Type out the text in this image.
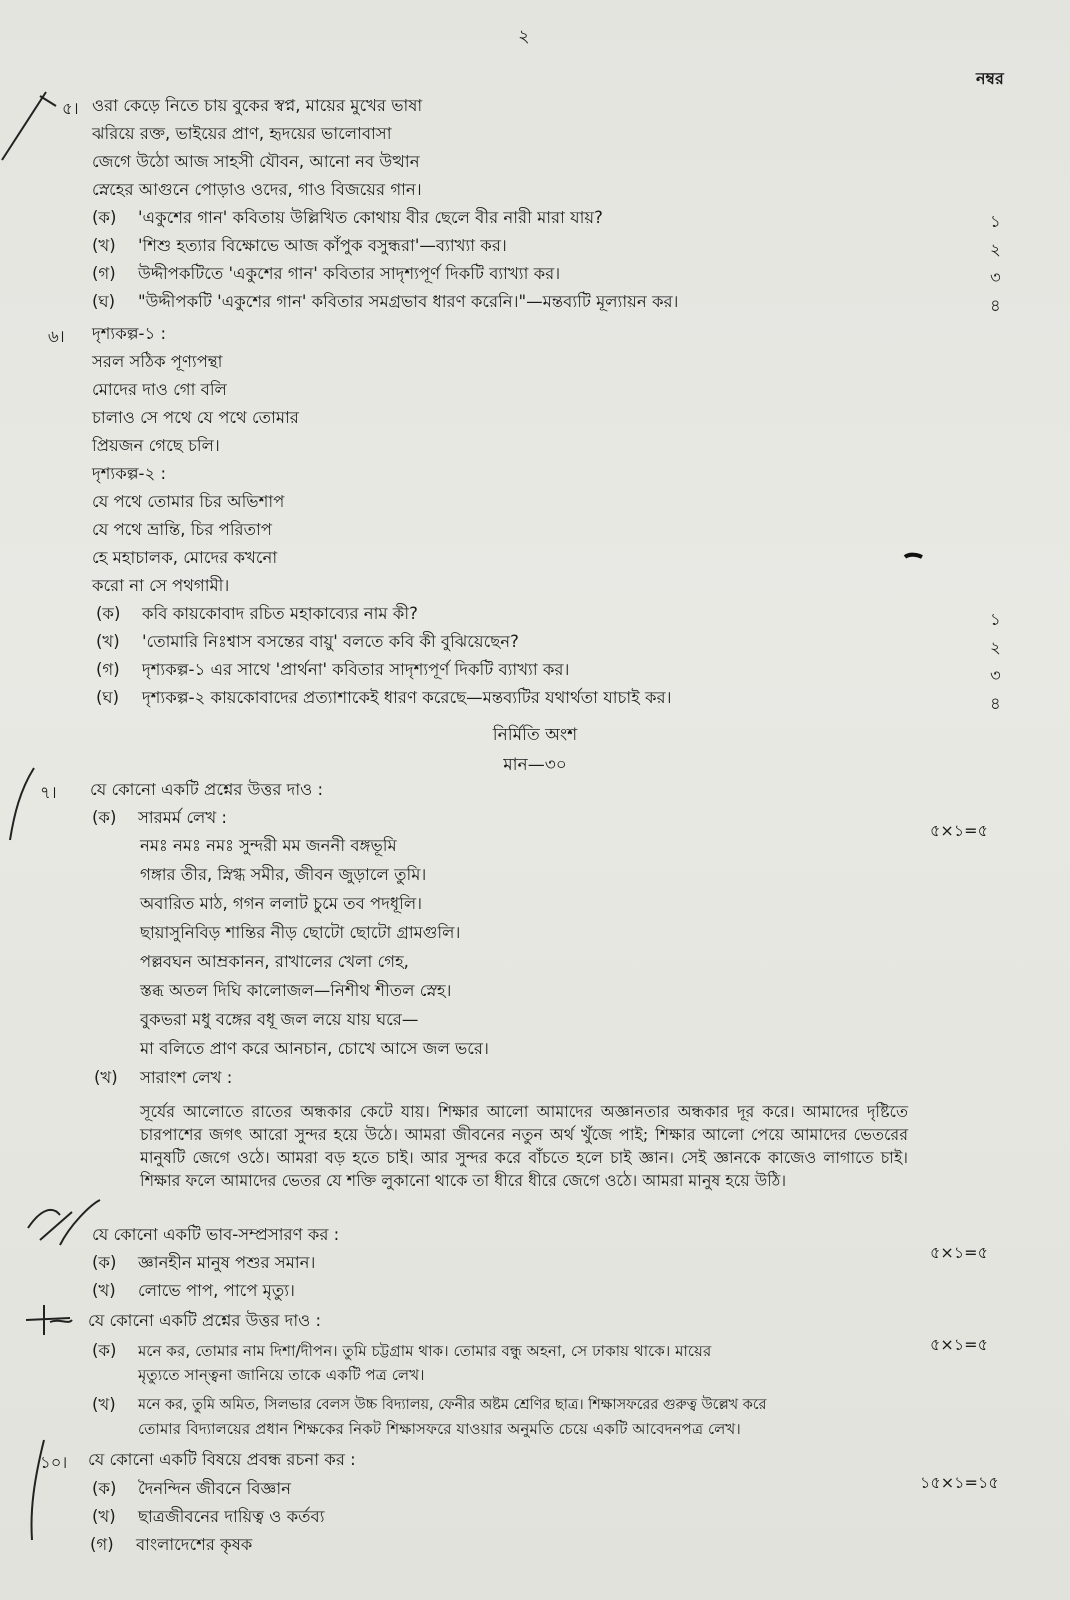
২
নম্বর
৫। ওরা কেড়ে নিতে চায় বুকের স্বপ্ন, মায়ের মুখের ভাষা
ঝরিয়ে রক্ত, ভাইয়ের প্রাণ, হৃদয়ের ভালোবাসা
জেগে উঠো আজ সাহসী যৌবন, আনো নব উত্থান
স্নেহের আগুনে পোড়াও ওদের, গাও বিজয়ের গান।
(ক) 'একুশের গান' কবিতায় উল্লিখিত কোথায় বীর ছেলে বীর নারী মারা যায়?	১
(খ) 'শিশু হত্যার বিক্ষোভে আজ কাঁপুক বসুন্ধরা'—ব্যাখ্যা কর।	২
(গ) উদ্দীপকটিতে 'একুশের গান' কবিতার সাদৃশ্যপূর্ণ দিকটি ব্যাখ্যা কর।	৩
(ঘ) "উদ্দীপকটি 'একুশের গান' কবিতার সমগ্রভাব ধারণ করেনি।"—মন্তব্যটি মূল্যায়ন কর।	৪
৬।	দৃশ্যকল্প-১ :
সরল সঠিক পূণ্যপন্থা
মোদের দাও গো বলি
চালাও সে পথে যে পথে তোমার
প্রিয়জন গেছে চলি।
দৃশ্যকল্প-২ :
যে পথে তোমার চির অভিশাপ
যে পথে ভ্রান্তি, চির পরিতাপ
হে মহাচালক, মোদের কখনো
করো না সে পথগামী।
(ক) কবি কায়কোবাদ রচিত মহাকাব্যের নাম কী?	১
(খ) 'তোমারি নিঃশ্বাস বসন্তের বায়ু' বলতে কবি কী বুঝিয়েছেন?	২
(গ) দৃশ্যকল্প-১ এর সাথে 'প্রার্থনা' কবিতার সাদৃশ্যপূর্ণ দিকটি ব্যাখ্যা কর।	৩
(ঘ) দৃশ্যকল্প-২ কায়কোবাদের প্রত্যাশাকেই ধারণ করেছে—মন্তব্যটির যথার্থতা যাচাই কর।	৪
নির্মিতি অংশ
মান—৩০
৭।	যে কোনো একটি প্রশ্নের উত্তর দাও :
(ক) সারমর্ম লেখ :
৫×১=৫
নমঃ নমঃ নমঃ সুন্দরী মম জননী বঙ্গভূমি
গঙ্গার তীর, স্নিগ্ধ সমীর, জীবন জুড়ালে তুমি।
অবারিত মাঠ, গগন ললাট চুমে তব পদধূলি।
ছায়াসুনিবিড় শান্তির নীড় ছোটো ছোটো গ্রামগুলি।
পল্লবঘন আম্রকানন, রাখালের খেলা গেহ,
স্তব্ধ অতল দিঘি কালোজল—নিশীথ শীতল স্নেহ।
বুকভরা মধু বঙ্গের বধূ জল লয়ে যায় ঘরে—
মা বলিতে প্রাণ করে আনচান, চোখে আসে জল ভরে।
(খ) সারাংশ লেখ :
সূর্যের আলোতে রাতের অন্ধকার কেটে যায়। শিক্ষার আলো আমাদের অজ্ঞানতার অন্ধকার দূর করে। আমাদের দৃষ্টিতে চারপাশের জগৎ আরো সুন্দর হয়ে উঠে। আমরা জীবনের নতুন অর্থ খুঁজে পাই; শিক্ষার আলো পেয়ে আমাদের ভেতরের মানুষটি জেগে ওঠে। আমরা বড় হতে চাই। আর সুন্দর করে বাঁচতে হলে চাই জ্ঞান। সেই জ্ঞানকে কাজেও লাগাতে চাই। শিক্ষার ফলে আমাদের ভেতর যে শক্তি লুকানো থাকে তা ধীরে ধীরে জেগে ওঠে। আমরা মানুষ হয়ে উঠি।
যে কোনো একটি ভাব-সম্প্রসারণ কর :
৫×১=৫
(ক) জ্ঞানহীন মানুষ পশুর সমান।
(খ) লোভে পাপ, পাপে মৃত্যু।
যে কোনো একটি প্রশ্নের উত্তর দাও :
৫×১=৫
(ক) মনে কর, তোমার নাম দিশা/দীপন। তুমি চট্টগ্রাম থাক। তোমার বন্ধু অহনা, সে ঢাকায় থাকে। মায়ের
মৃত্যুতে সান্ত্বনা জানিয়ে তাকে একটি পত্র লেখ।
(খ) মনে কর, তুমি অমিত, সিলভার বেলস উচ্চ বিদ্যালয়, ফেনীর অষ্টম শ্রেণির ছাত্র। শিক্ষাসফরের গুরুত্ব উল্লেখ করে
তোমার বিদ্যালয়ের প্রধান শিক্ষকের নিকট শিক্ষাসফরে যাওয়ার অনুমতি চেয়ে একটি আবেদনপত্র লেখ।
১০।	যে কোনো একটি বিষয়ে প্রবন্ধ রচনা কর :
১৫×১=১৫
(ক) দৈনন্দিন জীবনে বিজ্ঞান
(খ) ছাত্রজীবনের দায়িত্ব ও কর্তব্য
(গ) বাংলাদেশের কৃষক
